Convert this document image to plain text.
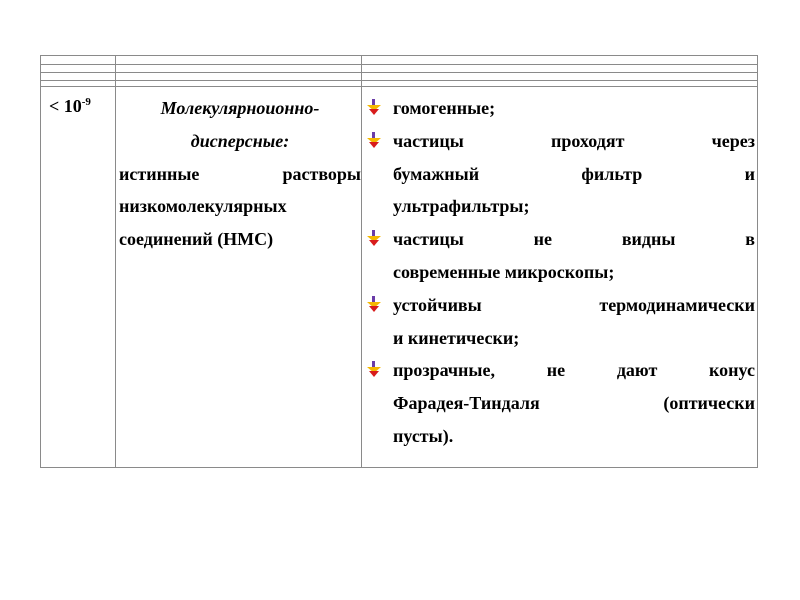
< $10^{-9}$	Молекулярноионно-
дисперсные:
истинные растворы
низкомолекулярных
соединений (НМС)
гомогенные;
частицы проходят через
бумажный фильтр и
ультрафильтры;
частицы не видны в
современные микроскопы;
устойчивы термодинамически
и кинетически;
прозрачные, не дают конус
Фарадея-Тиндаля (оптически
пусты).
